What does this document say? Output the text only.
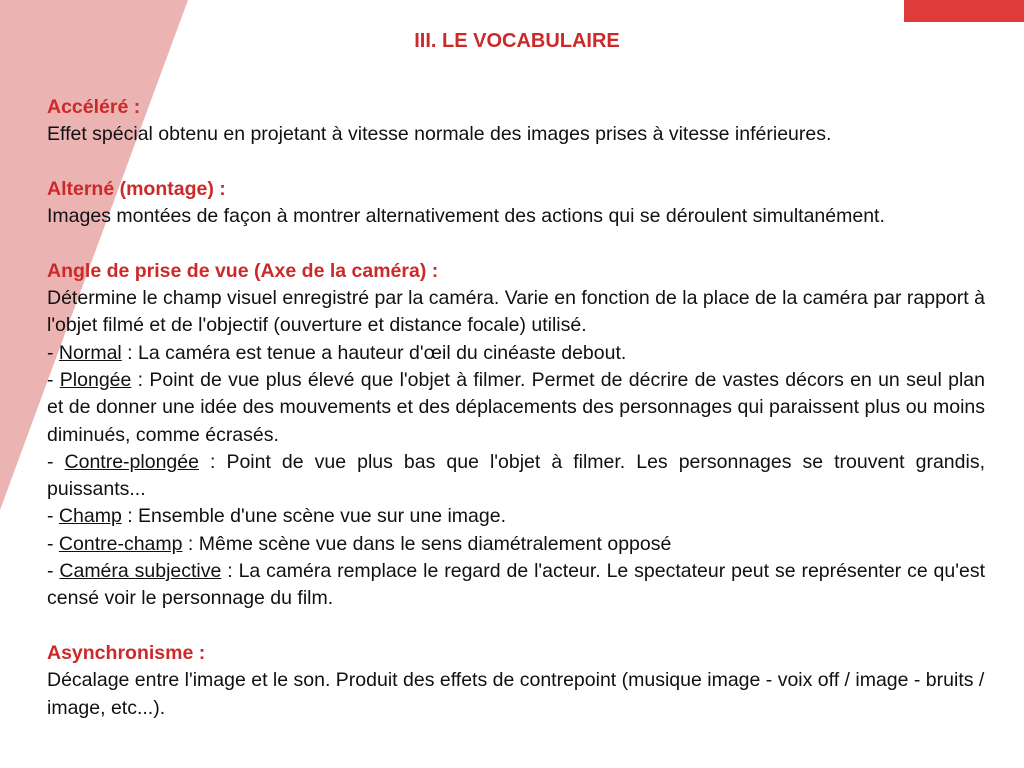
III. LE VOCABULAIRE
Accéléré :
Effet spécial obtenu en projetant à vitesse normale des images prises à vitesse inférieures.
Alterné (montage) :
Images montées de façon à montrer alternativement des actions qui se déroulent simultanément.
Angle de prise de vue (Axe de la caméra) :
Détermine le champ visuel enregistré par la caméra. Varie en fonction de la place de la caméra par rapport à l'objet filmé et de l'objectif (ouverture et distance focale) utilisé.
- Normal : La caméra est tenue a hauteur d'œil du cinéaste debout.
- Plongée : Point de vue plus élevé que l'objet à filmer. Permet de décrire de vastes décors en un seul plan et de donner une idée des mouvements et des déplacements des personnages qui paraissent plus ou moins diminués, comme écrasés.
- Contre-plongée : Point de vue plus bas que l'objet à filmer. Les personnages se trouvent grandis, puissants...
- Champ : Ensemble d'une scène vue sur une image.
- Contre-champ : Même scène vue dans le sens diamétralement opposé
- Caméra subjective : La caméra remplace le regard de l'acteur. Le spectateur peut se représenter ce qu'est censé voir le personnage du film.
Asynchronisme :
Décalage entre l'image et le son. Produit des effets de contrepoint (musique image - voix off / image - bruits / image, etc...).
